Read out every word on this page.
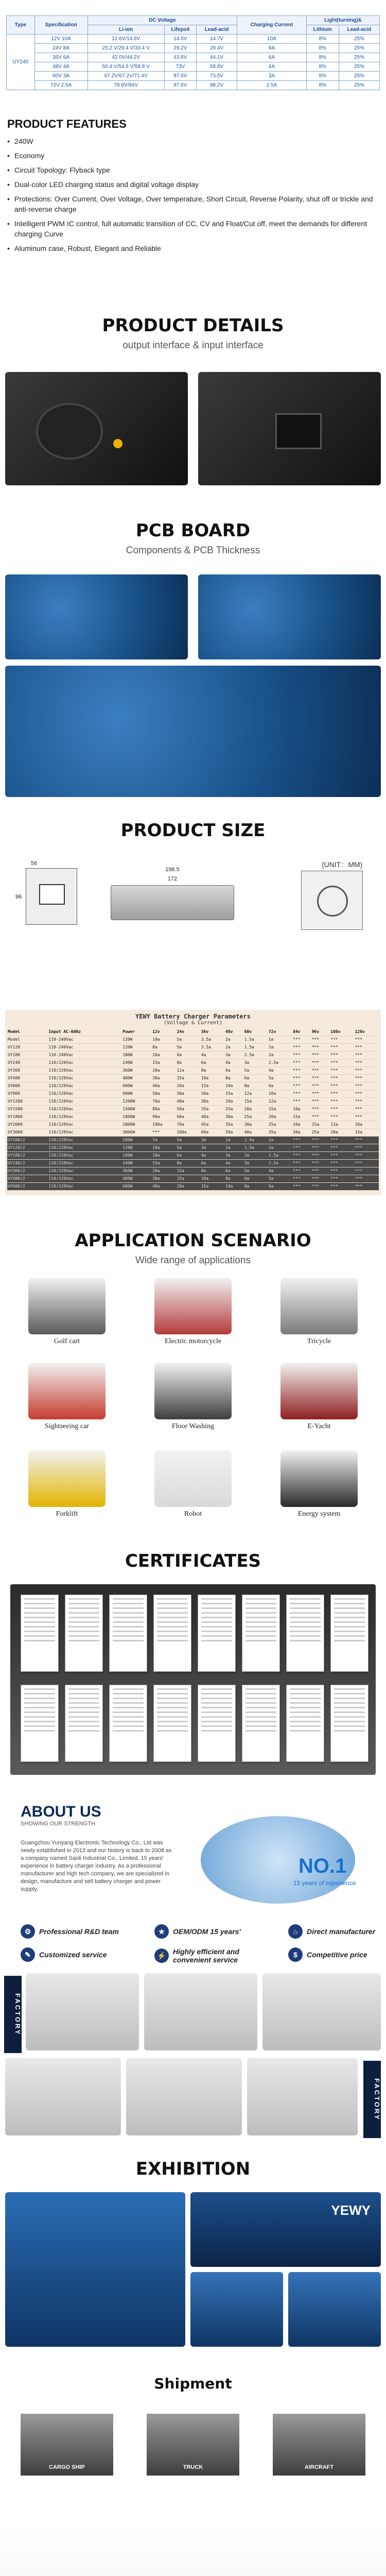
Type	Specification	DC Voltage			Charging Current	Light(turning)&	
		Li-ion	Lifepo4	Lead-acid		Lithium	Lead-acid
UY240	12V 10A	12.6V/14.6V	14.6V	14.7V	10A	8%	25%
	24V 8A	25.2 V/29.4 V/33.4 V	29.2V	29.4V	8A	8%	25%
	36V 6A	42.0V/44.2V	43.8V	44.1V	6A	8%	25%
	48V 4A	50.4 V/54.6 V/58.8 V	73V	58.8V	4A	8%	25%
	60V 3A	67.2V/67.2V/71.4V	87.6V	73.5V	3A	8%	25%
	72V 2.5A	79.8V/84V	87.6V	88.2V	2.5A	8%	25%
PRODUCT FEATURES
• 240W
• Economy
• Circuit Topology: Flyback type
• Dual-color LED charging status and digital voltage display
• Protections: Over Current, Over Voltage, Over temperature, Short Circuit, Reverse Polarity, shut off or trickle and anti-reverse charge
• Intelligent PWM IC control, full automatic transition of CC, CV and Float/Cut off, meet the demands for different charging Curve
• Aluminum case, Robust, Elegant and Reliable
PRODUCT DETAILS
output interface & input interface
PCB BOARD
Components & PCB Thickness
PRODUCT SIZE
(UNIT：MM)
56
96
196.5
172
YEWY Battery Charger Parameters
(Voltage & Current)
Model	Input AC-60Hz	Power	12v	24v	36v	48v	60v	72v	84v	96v	108v	120v
Model	110-240Vac	120W	10a	5a	3.5a	2a	1.5a	1a	***	***	***	***
UY120	110-240Vac	120W	8a	5a	3.5a	2a	1.5a	1a	***	***	***	***
UY180	110-240Vac	180W	10a	6a	4a	3a	2.5a	2a	***	***	***	***
UY240	110/220Vac	240W	15a	8a	6a	4a	3a	2.5a	***	***	***	***
UY360	110/220Vac	360W	20a	12a	8a	6a	5a	4a	***	***	***	***
UY480	110/220Vac	480W	30a	15a	10a	8a	6a	5a	***	***	***	***
UY600	110/220Vac	600W	40a	20a	15a	10a	8a	6a	***	***	***	***
UY900	110/220Vac	900W	50a	30a	20a	15a	12a	10a	***	***	***	***
UY1200	110/220Vac	1200W	70a	40a	30a	20a	15a	12a	***	***	***	***
UY1500	110/220Vac	1500W	80a	50a	35a	25a	20a	15a	10a	***	***	***
UY1800	110/220Vac	1800W	90a	60a	40a	30a	25a	20a	15a	***	***	***
UY2000	110/220Vac	2000W	100a	70a	45a	35a	30a	25a	20a	15a	12a	10a
UY3000	110/220Vac	3000W	***	100a	60a	50a	40a	35a	30a	25a	20a	15a
UY100/2	110/220Vac	100W	7a	5a	3a	2a	1.5a	1a	***	***	***	***
UY120/2	110/220Vac	120W	10a	5a	3a	2a	1.5a	1a	***	***	***	***
UY180/2	110/220Vac	180W	10a	6a	4a	3a	2a	1.5a	***	***	***	***
UY240/2	110/220Vac	240W	15a	8a	6a	4a	3a	2.5a	***	***	***	***
UY360/2	110/220Vac	360W	20a	12a	8a	6a	5a	4a	***	***	***	***
UY480/2	110/220Vac	480W	30a	15a	10a	8a	6a	5a	***	***	***	***
UY600/2	110/220Vac	600W	40a	20a	15a	10a	8a	6a	***	***	***	***
APPLICATION SCENARIO
Wide range of applications
Golf cart	Electric motorcycle	Tricycle
Sightseeing car	Floor Washing	E-Yacht
Forklift	Robot	Energy system
CERTIFICATES
ABOUT US
SHOWING OUR STRENGTH
Guangzhou Yunyang Electronic Technology Co., Ltd was newly established in 2013 and our history is back to 2008 as a company named Sanli Industrial Co., Limited, 15 years' experience in battery charger industry. As a professional manufacturer and high tech company, we are specialized in design, manufacture and sell battery charger and power supply.
NO.1
15 years of experience
⚙	Professional R&D team	★	OEM/ODM 15 years'	⌂	Direct manufacturer
✎	Customized service	⚡ Highly efficient and convenient service
$	Competitive price
FACTORY
FACTORY
EXHIBITION
YEWY
Shipment
CARGO SHIP	TRUCK	AIRCRAFT
